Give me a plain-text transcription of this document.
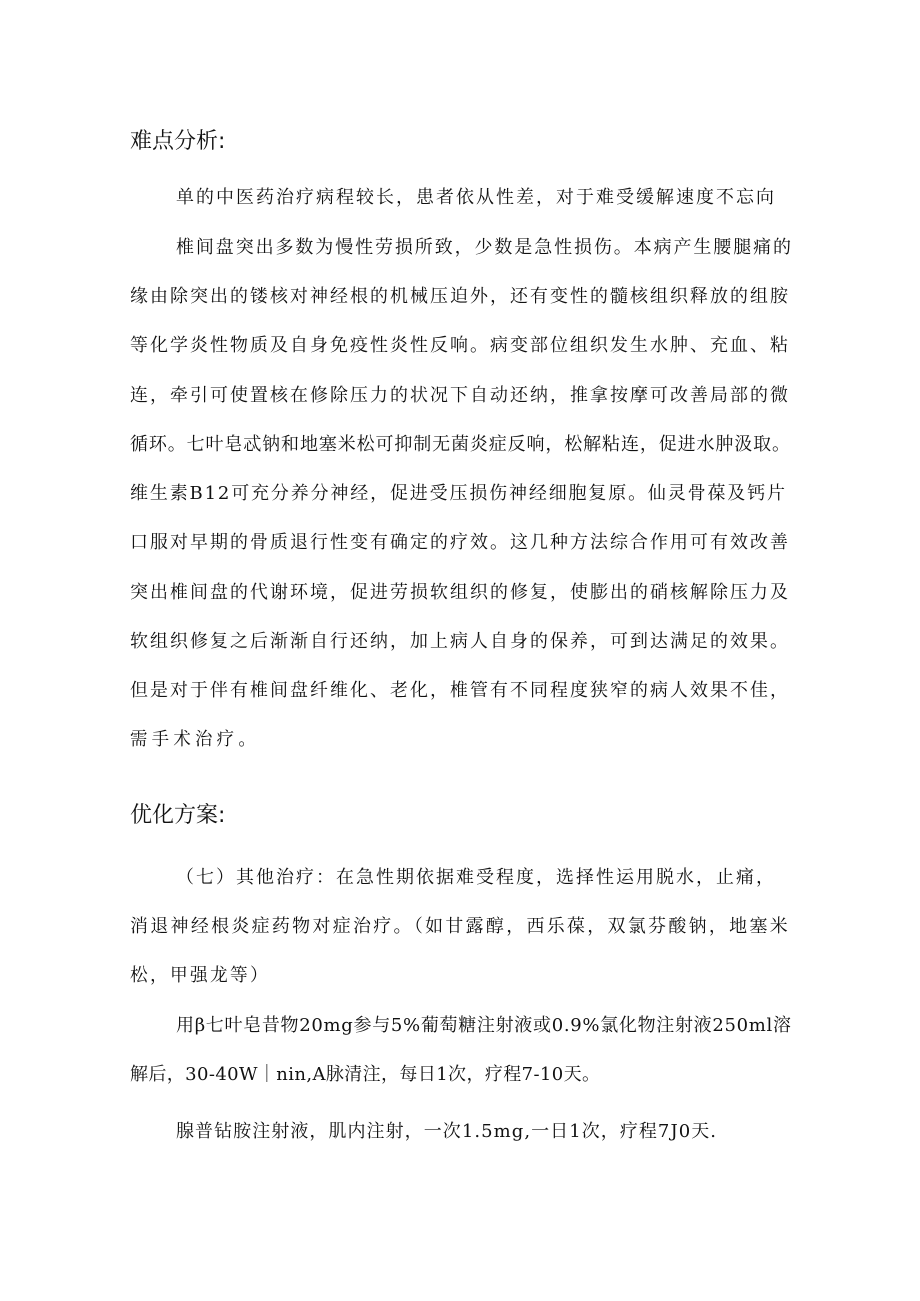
难点分析:

单的中医药治疗病程较长，患者依从性差，对于难受缓解速度不忘向

椎间盘突出多数为慢性劳损所致，少数是急性损伤。本病产生腰腿痛的

缘由除突出的镂核对神经根的机械压迫外，还有变性的髓核组织释放的组胺

等化学炎性物质及自身免疫性炎性反响。病变部位组织发生水肿、充血、粘

连，牵引可使置核在修除压力的状况下自动还纳，推拿按摩可改善局部的微

循环。七叶皂忒钠和地塞米松可抑制无菌炎症反响，松解粘连，促进水肿汲取。

维生素B12可充分养分神经，促进受压损伤神经细胞复原。仙灵骨葆及钙片

口服对早期的骨质退行性变有确定的疗效。这几种方法综合作用可有效改善

突出椎间盘的代谢环境，促进劳损软组织的修复，使膨出的硝核解除压力及

软组织修复之后渐渐自行还纳，加上病人自身的保养，可到达满足的效果。

但是对于伴有椎间盘纤维化、老化，椎管有不同程度狭窄的病人效果不佳，

需手术治疗。

优化方案:

（七）其他治疗：在急性期依据难受程度，选择性运用脱水，止痛，

消退神经根炎症药物对症治疗。（如甘露醇，西乐葆，双氯芬酸钠，地塞米

松，甲强龙等）

用β七叶皂昔物20mg参与5%葡萄糖注射液或0.9%氯化物注射液250ml溶

解后，30-40W｜nin,A脉清注，每日1次，疗程7-10天。

腺普钻胺注射液，肌内注射，一次1.5mg,一日1次，疗程7J0天.
